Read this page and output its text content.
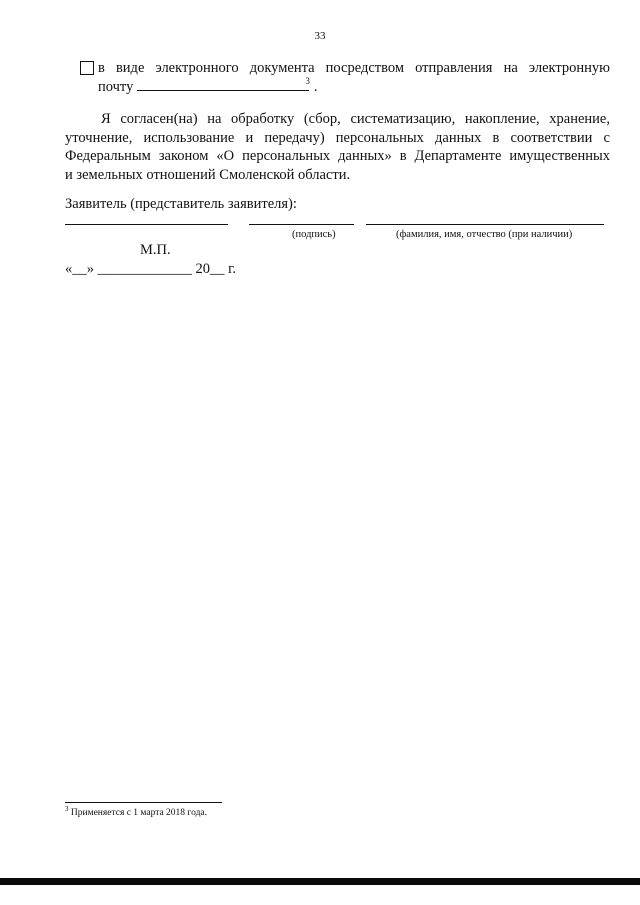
33
в виде электронного документа посредством отправления на электронную
почту	$^3$ .
Я согласен(на) на обработку (сбор, систематизацию, накопление, хранение,
уточнение, использование и передачу) персональных данных в соответствии с
Федеральным законом «О персональных данных» в Департаменте имущественных
и земельных отношений Смоленской области.
Заявитель (представитель заявителя):
(подпись)	(фамилия, имя, отчество (при наличии)
М.П.
«__» _____________ 20__ г.
$^3$ Применяется с 1 марта 2018 года.
